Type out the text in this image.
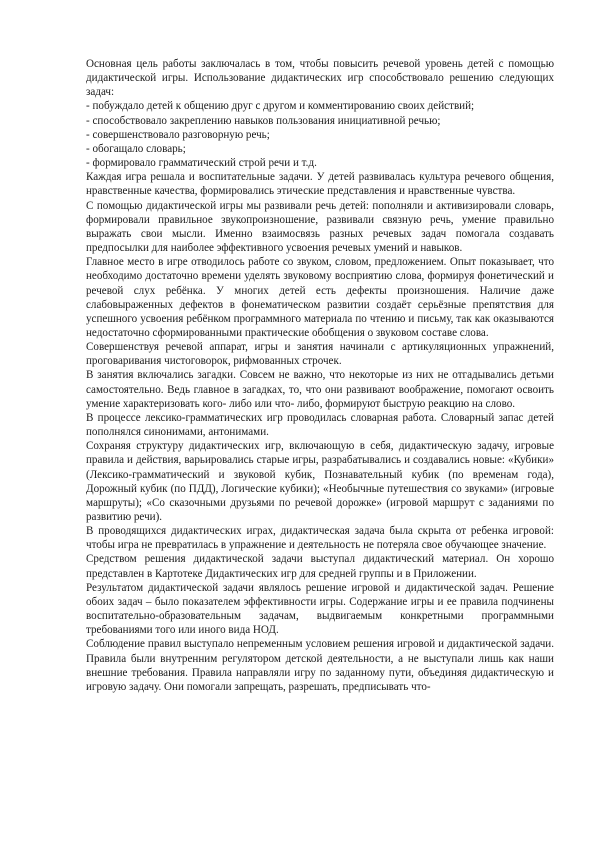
Основная цель работы заключалась в том, чтобы повысить речевой уровень детей с помощью дидактической игры. Использование дидактических игр способствовало решению следующих задач:

- побуждало детей к общению друг с другом и комментированию своих действий;

- способствовало закреплению навыков пользования инициативной речью;

- совершенствовало разговорную речь;

- обогащало словарь;

- формировало грамматический строй речи и т.д.

Каждая игра решала и воспитательные задачи. У детей развивалась культура речевого общения, нравственные качества, формировались этические представления и нравственные чувства.

С помощью дидактической игры мы развивали речь детей: пополняли и активизировали словарь, формировали правильное звукопроизношение, развивали связную речь, умение правильно выражать свои мысли. Именно взаимосвязь разных речевых задач помогала создавать предпосылки для наиболее эффективного усвоения речевых умений и навыков.

Главное место в игре отводилось работе со звуком, словом, предложением. Опыт показывает, что необходимо достаточно времени уделять звуковому восприятию слова, формируя фонетический и речевой слух ребёнка. У многих детей есть дефекты произношения. Наличие даже слабовыраженных дефектов в фонематическом развитии создаёт серьёзные препятствия для успешного усвоения ребёнком программного материала по чтению и письму, так как оказываются недостаточно сформированными практические обобщения о звуковом составе слова.

Совершенствуя речевой аппарат, игры и занятия начинали с артикуляционных упражнений, проговаривания чистоговорок, рифмованных строчек.

В занятия включались загадки. Совсем не важно, что некоторые из них не отгадывались детьми самостоятельно. Ведь главное в загадках, то, что они развивают воображение, помогают освоить умение характеризовать кого- либо или что- либо, формируют быструю реакцию на слово.

В процессе лексико-грамматических игр проводилась словарная работа. Словарный запас детей пополнялся синонимами, антонимами.

Сохраняя структуру дидактических игр, включающую в себя, дидактическую задачу, игровые правила и действия, варьировались старые игры, разрабатывались и создавались новые: «Кубики» (Лексико-грамматический и звуковой кубик, Познавательный кубик (по временам года), Дорожный кубик (по ПДД), Логические кубики); «Необычные путешествия со звуками» (игровые маршруты); «Со сказочными друзьями по речевой дорожке» (игровой маршрут с заданиями по развитию речи).

В проводящихся дидактических играх, дидактическая задача была скрыта от ребенка игровой: чтобы игра не превратилась в упражнение и деятельность не потеряла свое обучающее значение.

Средством решения дидактической задачи выступал дидактический материал. Он хорошо представлен в Картотеке Дидактических игр для средней группы и в Приложении.

Результатом дидактической задачи являлось решение игровой и дидактической задач. Решение обоих задач – было показателем эффективности игры. Содержание игры и ее правила подчинены воспитательно-образовательным задачам, выдвигаемым конкретными программными требованиями того или иного вида НОД.

Соблюдение правил выступало непременным условием решения игровой и дидактической задачи. Правила были внутренним регулятором детской деятельности, а не выступали лишь как наши внешние требования. Правила направляли игру по заданному пути, объединяя дидактическую и игровую задачу. Они помогали запрещать, разрешать, предписывать что-
